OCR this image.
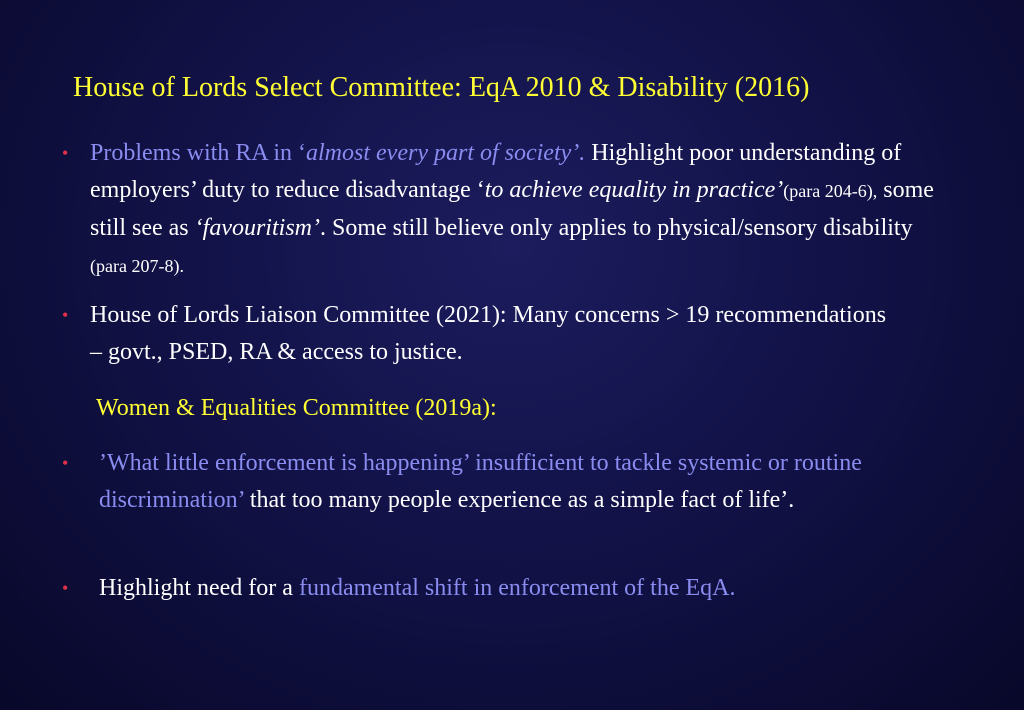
House of Lords Select Committee: EqA 2010 & Disability (2016)
• Problems with RA in ‘almost every part of society’. Highlight poor understanding of employers’ duty to reduce disadvantage ‘to achieve equality in practice’(para 204-6), some still see as ‘favouritism’. Some still believe only applies to physical/sensory disability (para 207-8).
• House of Lords Liaison Committee (2021): Many concerns > 19 recommendations – govt., PSED, RA & access to justice.
Women & Equalities Committee (2019a):
• ’What little enforcement is happening’ insufficient to tackle systemic or routine discrimination’ that too many people experience as a simple fact of life’.
• Highlight need for a fundamental shift in enforcement of the EqA.
